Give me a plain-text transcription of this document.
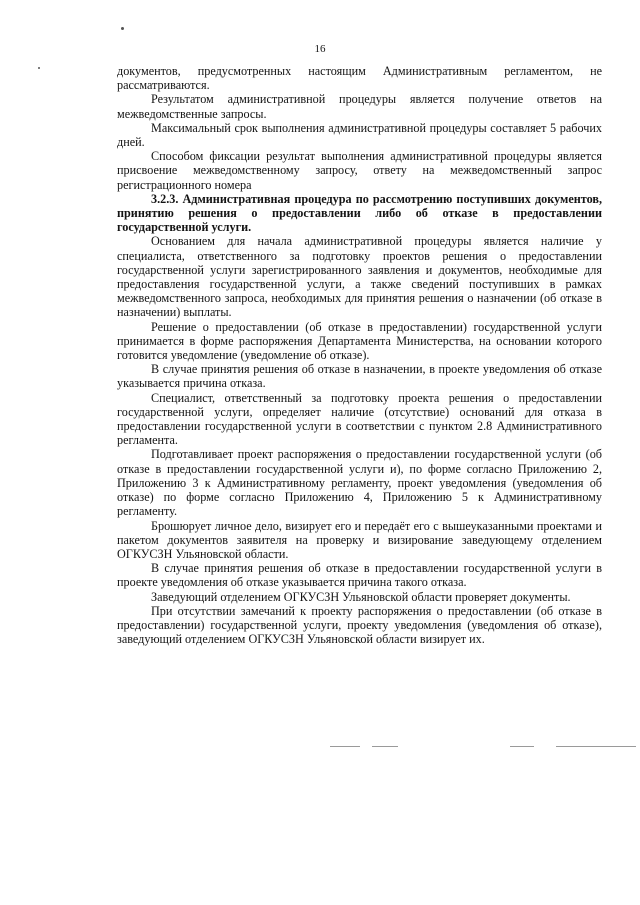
16

документов, предусмотренных настоящим Административным регламентом, не рассматриваются.

Результатом административной процедуры является получение ответов на межведомственные запросы.

Максимальный срок выполнения административной процедуры составляет 5 рабочих дней.

Способом фиксации результат выполнения административной процедуры является присвоение межведомственному запросу, ответу на межведомственный запрос регистрационного номера

3.2.3. Административная процедура по рассмотрению поступивших документов, принятию решения о предоставлении либо об отказе в предоставлении государственной услуги.

Основанием для начала административной процедуры является наличие у специалиста, ответственного за подготовку проектов решения о предоставлении государственной услуги зарегистрированного заявления и документов, необходимые для предоставления государственной услуги, а также сведений поступивших в рамках межведомственного запроса, необходимых для принятия решения о назначении (об отказе в назначении) выплаты.

Решение о предоставлении (об отказе в предоставлении) государственной услуги принимается в форме распоряжения Департамента Министерства, на основании которого готовится уведомление (уведомление об отказе).

В случае принятия решения об отказе в назначении, в проекте уведомления об отказе указывается причина отказа.

Специалист, ответственный за подготовку проекта решения о предоставлении государственной услуги, определяет наличие (отсутствие) оснований для отказа в предоставлении государственной услуги в соответствии с пунктом 2.8 Административного регламента.

Подготавливает проект распоряжения о предоставлении государственной услуги (об отказе в предоставлении государственной услуги и), по форме согласно Приложению 2, Приложению 3 к Административному регламенту, проект уведомления (уведомления об отказе) по форме согласно Приложению 4, Приложению 5 к Административному регламенту.

Брошюрует личное дело, визирует его и передаёт его с вышеуказанными проектами и пакетом документов заявителя на проверку и визирование заведующему отделением ОГКУСЗН Ульяновской области.

В случае принятия решения об отказе в предоставлении государственной услуги в проекте уведомления об отказе указывается причина такого отказа.

Заведующий отделением ОГКУСЗН Ульяновской области проверяет документы.

При отсутствии замечаний к проекту распоряжения о предоставлении (об отказе в предоставлении) государственной услуги, проекту уведомления (уведомления об отказе), заведующий отделением ОГКУСЗН Ульяновской области визирует их.
